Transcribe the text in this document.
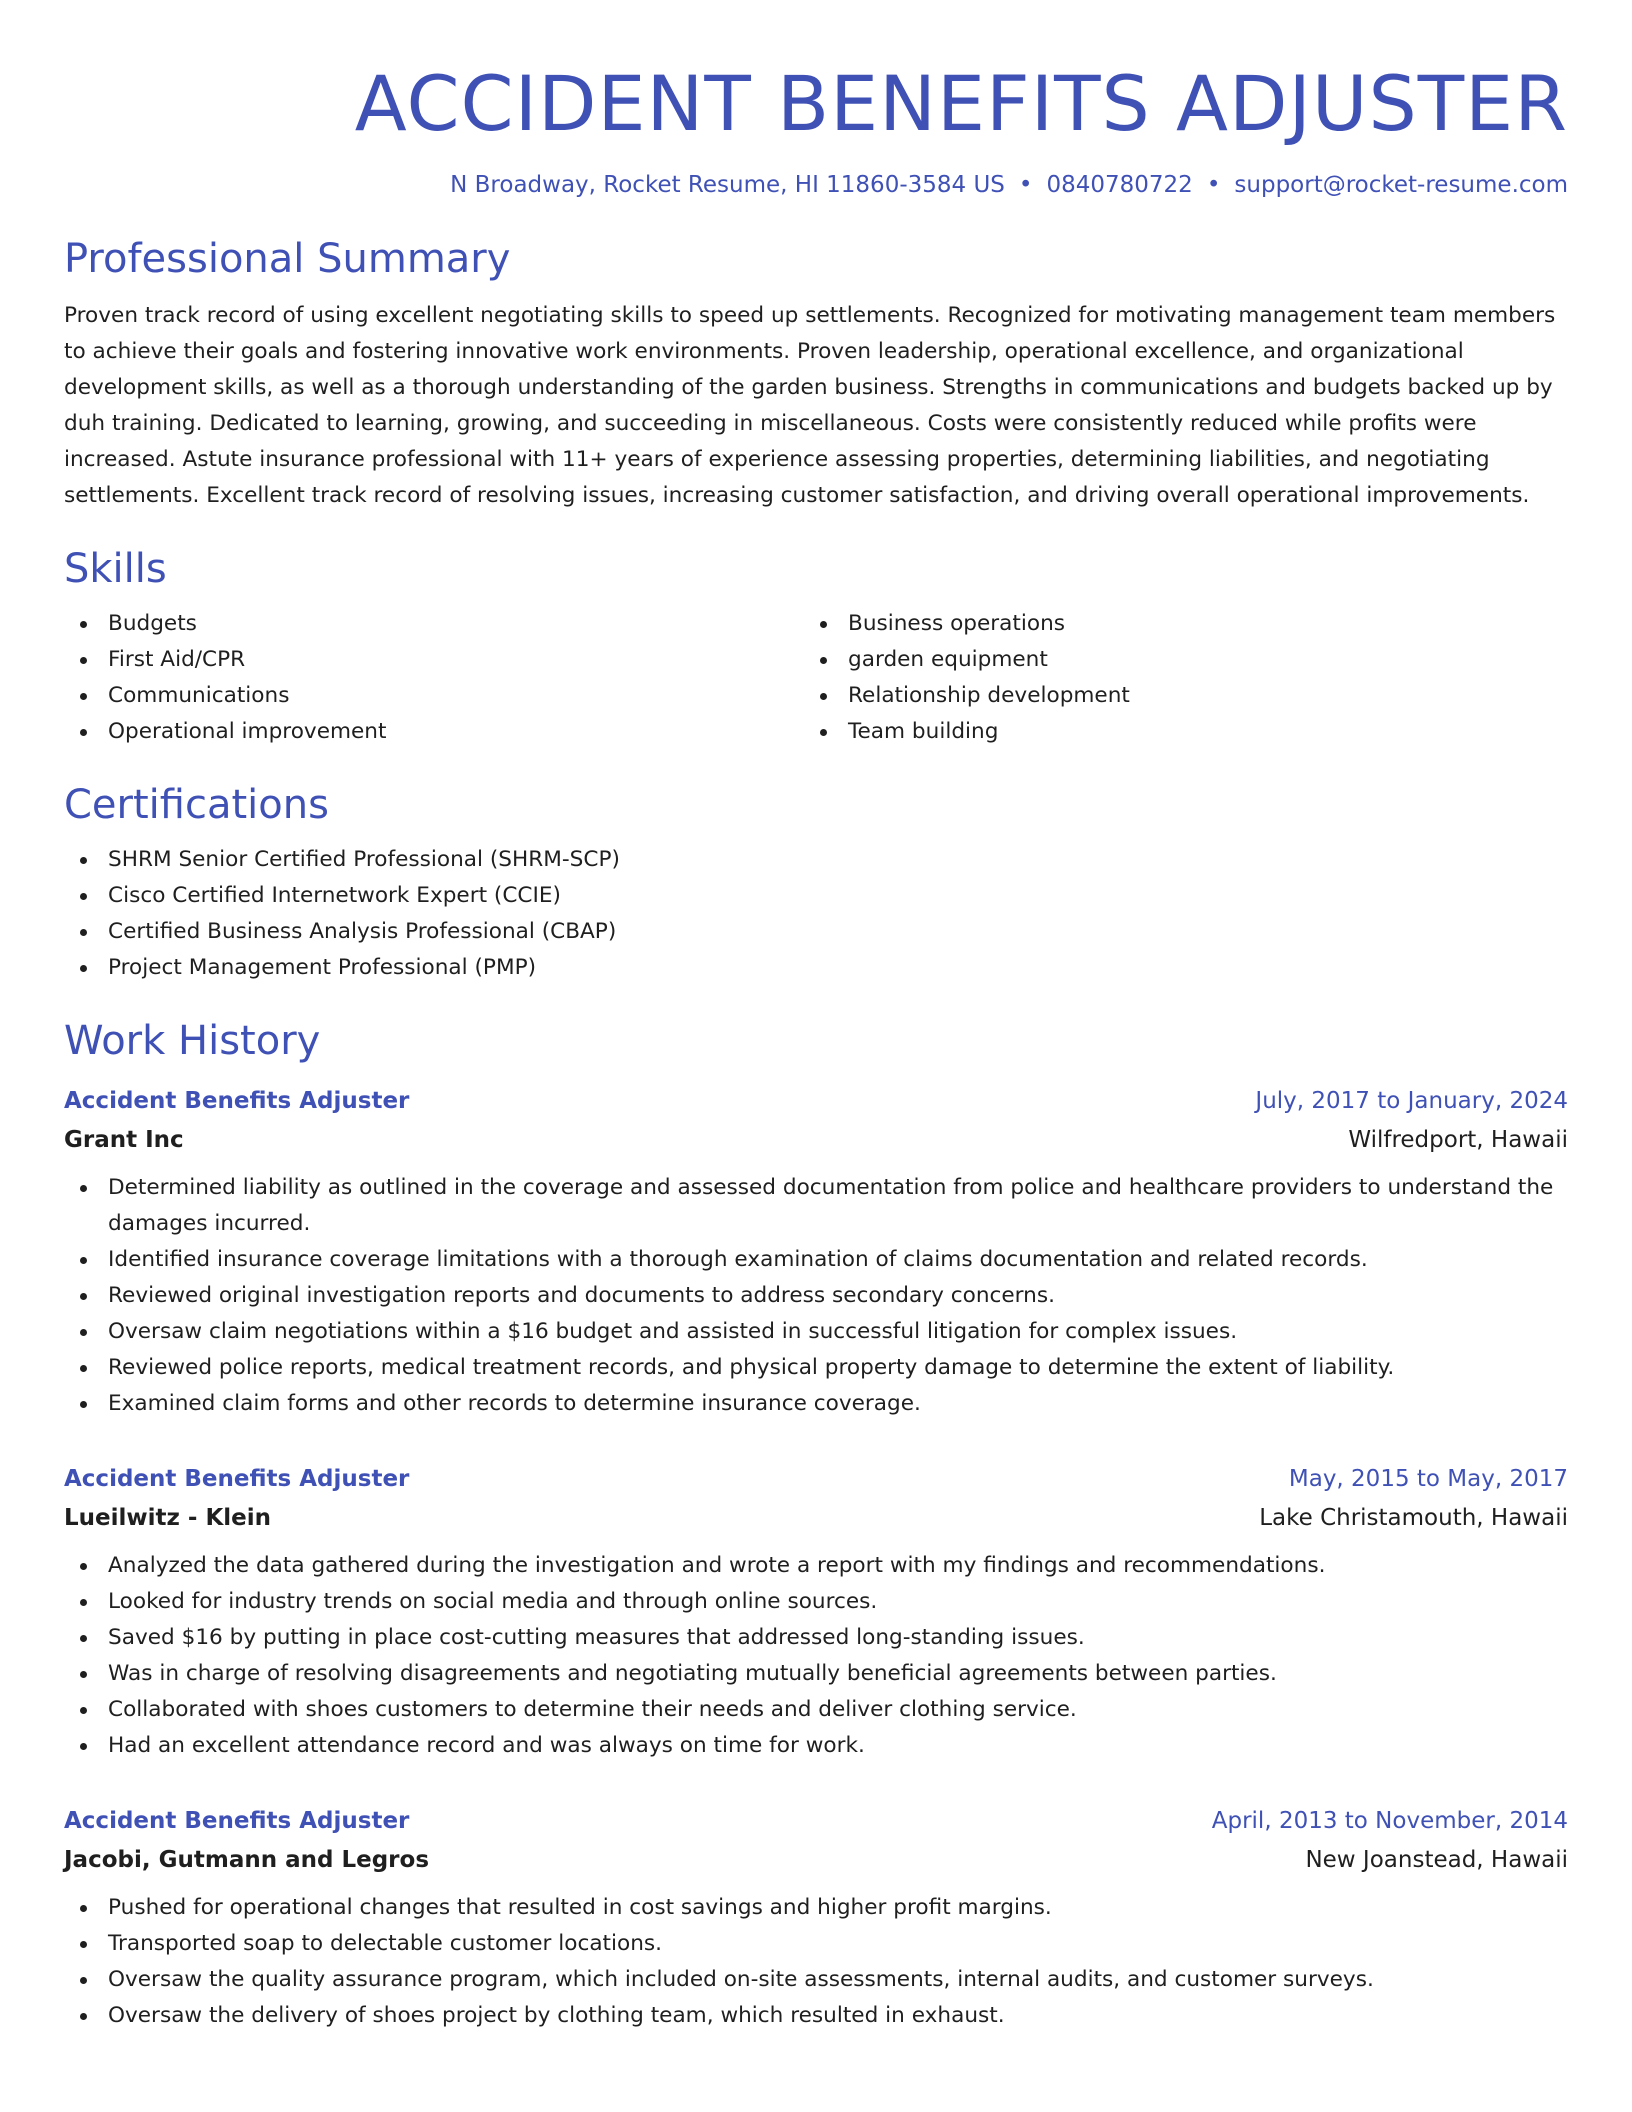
ACCIDENT BENEFITS ADJUSTER
N Broadway, Rocket Resume, HI 11860-3584 US • 0840780722 • support@rocket-resume.com
Professional Summary

Proven track record of using excellent negotiating skills to speed up settlements. Recognized for motivating management team members to achieve their goals and fostering innovative work environments. Proven leadership, operational excellence, and organizational development skills, as well as a thorough understanding of the garden business. Strengths in communications and budgets backed up by duh training. Dedicated to learning, growing, and succeeding in miscellaneous. Costs were consistently reduced while profits were increased. Astute insurance professional with 11+ years of experience assessing properties, determining liabilities, and negotiating settlements. Excellent track record of resolving issues, increasing customer satisfaction, and driving overall operational improvements.

Skills
Budgets
First Aid/CPR
Communications
Operational improvement
Business operations
garden equipment
Relationship development
Team building
Certifications
SHRM Senior Certified Professional (SHRM-SCP)
Cisco Certified Internetwork Expert (CCIE)
Certified Business Analysis Professional (CBAP)
Project Management Professional (PMP)
Work History
Accident Benefits Adjuster	July, 2017 to January, 2024
Grant Inc	Wilfredport, Hawaii
Determined liability as outlined in the coverage and assessed documentation from police and healthcare providers to understand the damages incurred.
Identified insurance coverage limitations with a thorough examination of claims documentation and related records.
Reviewed original investigation reports and documents to address secondary concerns.
Oversaw claim negotiations within a $16 budget and assisted in successful litigation for complex issues.
Reviewed police reports, medical treatment records, and physical property damage to determine the extent of liability.
Examined claim forms and other records to determine insurance coverage.
Accident Benefits Adjuster	May, 2015 to May, 2017
Lueilwitz - Klein	Lake Christamouth, Hawaii
Analyzed the data gathered during the investigation and wrote a report with my findings and recommendations.
Looked for industry trends on social media and through online sources.
Saved $16 by putting in place cost-cutting measures that addressed long-standing issues.
Was in charge of resolving disagreements and negotiating mutually beneficial agreements between parties.
Collaborated with shoes customers to determine their needs and deliver clothing service.
Had an excellent attendance record and was always on time for work.
Accident Benefits Adjuster	April, 2013 to November, 2014
Jacobi, Gutmann and Legros	New Joanstead, Hawaii
Pushed for operational changes that resulted in cost savings and higher profit margins.
Transported soap to delectable customer locations.
Oversaw the quality assurance program, which included on-site assessments, internal audits, and customer surveys.
Oversaw the delivery of shoes project by clothing team, which resulted in exhaust.
